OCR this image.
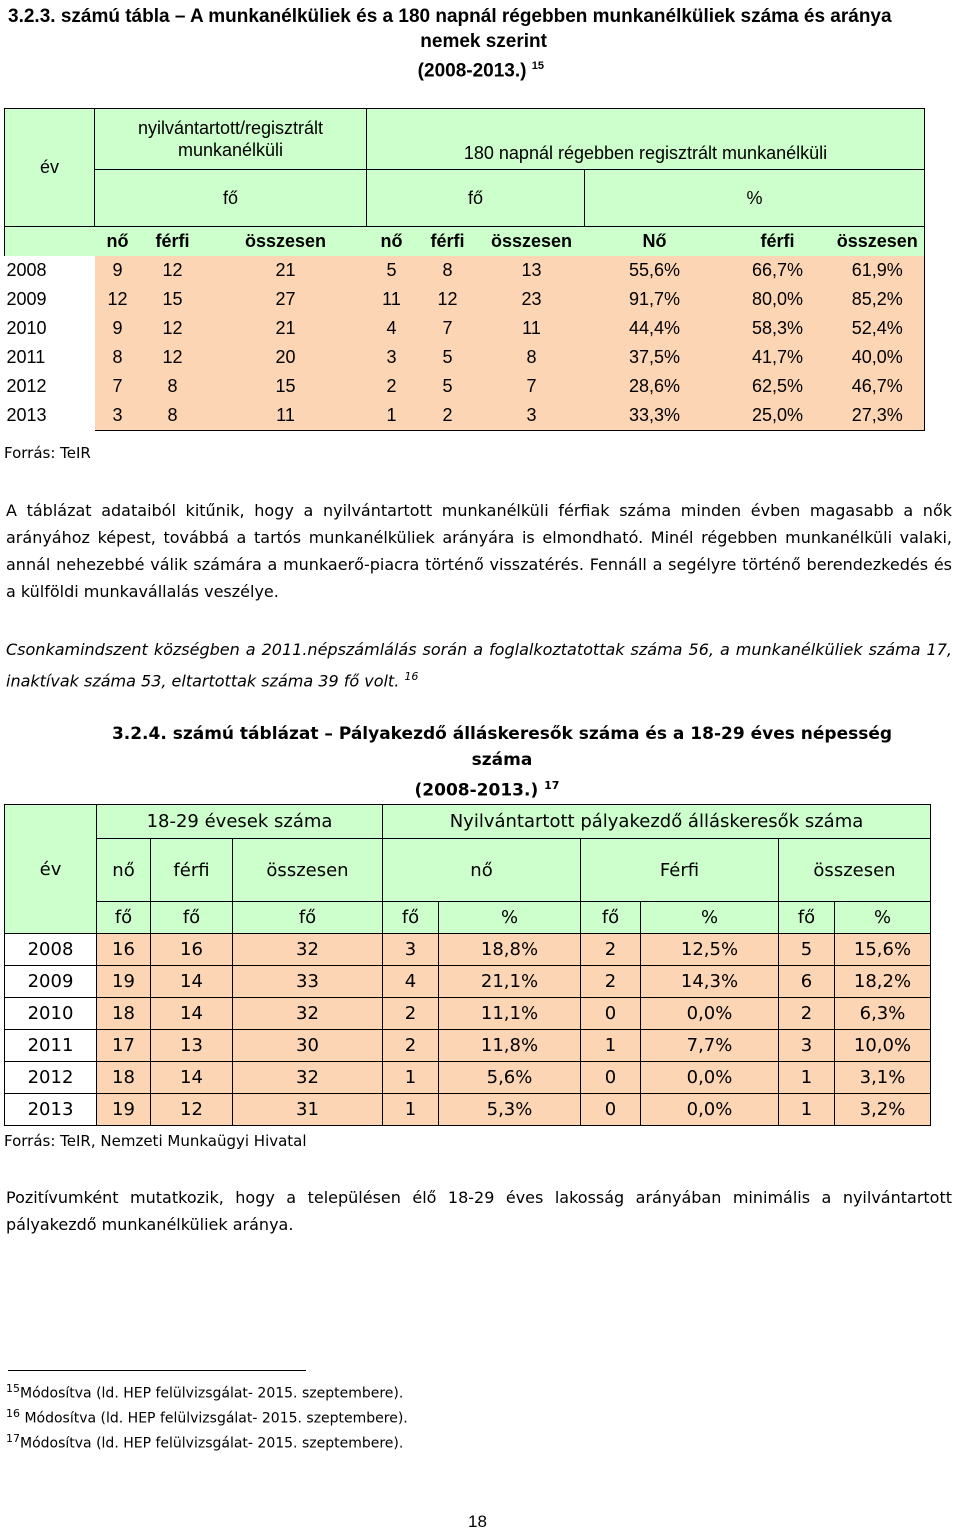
3.2.3. számú tábla – A munkanélküliek és a 180 napnál régebben munkanélküliek száma és aránya
nemek szerint
(2008-2013.) $^{15}$
év	nyilvántartott/regisztrált munkanélküli			180 napnál régebben regisztrált munkanélküli					
	fő			fő			%		
	nő	férfi	összesen	nő	férfi	összesen	Nő	férfi	összesen
2008	9	12	21	5	8	13	55,6%	66,7%	61,9%
2009	12	15	27	11	12	23	91,7%	80,0%	85,2%
2010	9	12	21	4	7	11	44,4%	58,3%	52,4%
2011	8	12	20	3	5	8	37,5%	41,7%	40,0%
2012	7	8	15	2	5	7	28,6%	62,5%	46,7%
2013	3	8	11	1	2	3	33,3%	25,0%	27,3%
Forrás: TeIR
A táblázat adataiból kitűnik, hogy a nyilvántartott munkanélküli férfiak száma minden évben magasabb a nők arányához képest, továbbá a tartós munkanélküliek arányára is elmondható. Minél régebben munkanélküli valaki, annál nehezebbé válik számára a munkaerő-piacra történő visszatérés. Fennáll a segélyre történő berendezkedés és a külföldi munkavállalás veszélye.
Csonkamindszent községben a 2011.népszámlálás során a foglalkoztatottak száma 56, a munkanélküliek száma 17, inaktívak száma 53, eltartottak száma 39 fő volt. $^{16}$
3.2.4. számú táblázat – Pályakezdő álláskeresők száma és a 18-29 éves népesség száma
(2008-2013.) $^{17}$
év	18-29 évesek száma			Nyilvántartott pályakezdő álláskeresők száma					
	nő	férfi	összesen	nő		Férfi		összesen	
	fő	fő	fő	fő	%	fő	%	fő	%
2008	16	16	32	3	18,8%	2	12,5%	5	15,6%
2009	19	14	33	4	21,1%	2	14,3%	6	18,2%
2010	18	14	32	2	11,1%	0	0,0%	2	6,3%
2011	17	13	30	2	11,8%	1	7,7%	3	10,0%
2012	18	14	32	1	5,6%	0	0,0%	1	3,1%
2013	19	12	31	1	5,3%	0	0,0%	1	3,2%
Forrás: TeIR, Nemzeti Munkaügyi Hivatal
Pozitívumként mutatkozik, hogy a településen élő 18-29 éves lakosság arányában minimális a nyilvántartott pályakezdő munkanélküliek aránya.
$^{15}$Módosítva (ld. HEP felülvizsgálat- 2015. szeptembere).
$^{16}$ Módosítva (ld. HEP felülvizsgálat- 2015. szeptembere).
$^{17}$Módosítva (ld. HEP felülvizsgálat- 2015. szeptembere).
18
